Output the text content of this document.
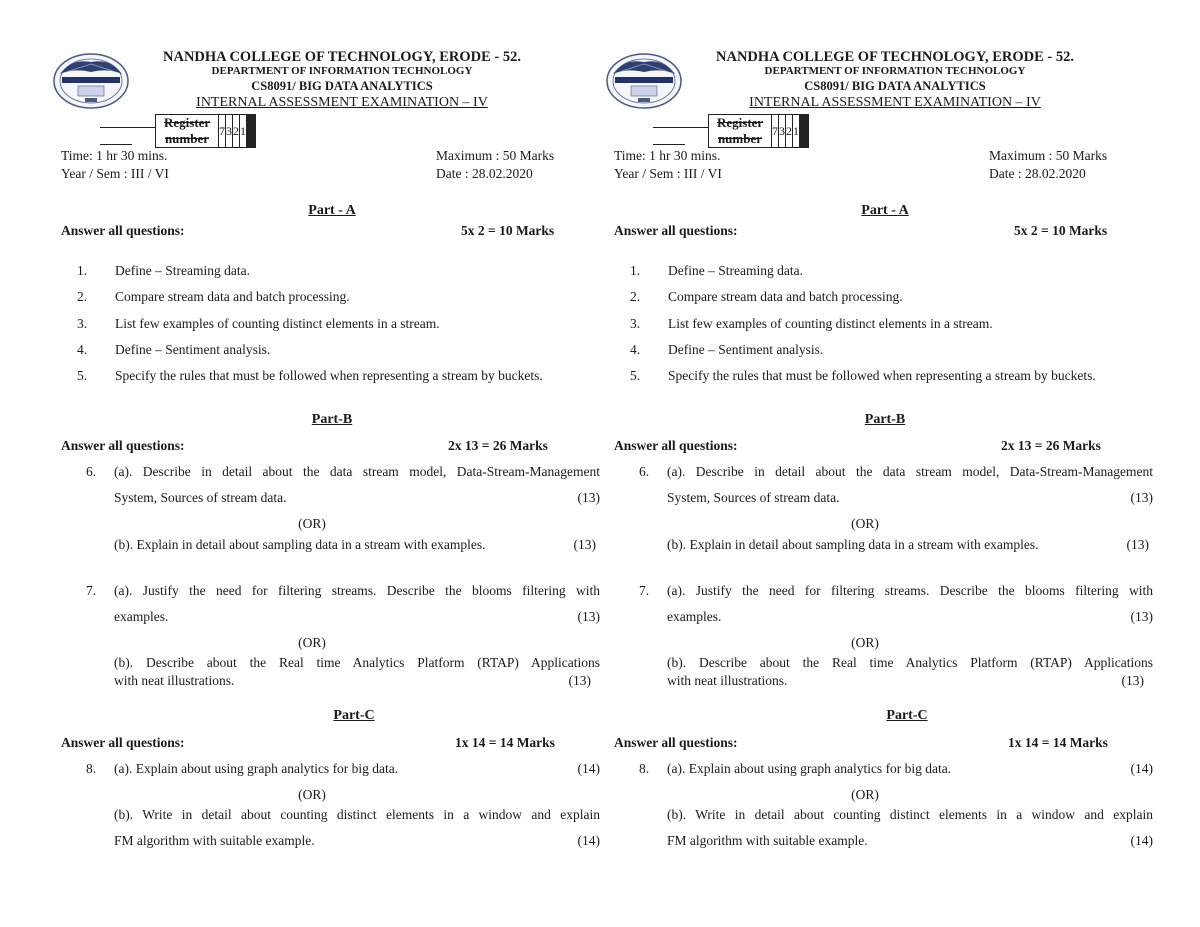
NANDHA COLLEGE OF TECHNOLOGY, ERODE - 52.
DEPARTMENT OF INFORMATION TECHNOLOGY
CS8091/ BIG DATA ANALYTICS
INTERNAL ASSESSMENT EXAMINATION – IV
Register number	7	3	2	1									
Time: 1 hr 30 mins.
Year / Sem : III / VI
Maximum : 50 Marks
Date : 28.02.2020
Part - A
Answer all questions:	5x 2 = 10 Marks
1. Define – Streaming data.
2. Compare stream data and batch processing.
3. List few examples of counting distinct elements in a stream.
4. Define – Sentiment analysis.
5. Specify the rules that must be followed when representing a stream by buckets.
Part-B
Answer all questions:	2x 13 = 26 Marks
6. (a). Describe in detail about the data stream model, Data-Stream-Management
System, Sources of stream data.	(13)
(OR)
(b). Explain in detail about sampling data in a stream with examples.	(13)
7. (a). Justify the need for filtering streams. Describe the blooms filtering with
examples.	(13)
(OR)
(b). Describe about the Real time Analytics Platform (RTAP) Applications
with neat illustrations.	(13)
Part-C
Answer all questions:	1x 14 = 14 Marks
8. (a). Explain about using graph analytics for big data.	(14)
(OR)
(b). Write in detail about counting distinct elements in a window and explain
FM algorithm with suitable example.	(14)
NANDHA COLLEGE OF TECHNOLOGY, ERODE - 52.
DEPARTMENT OF INFORMATION TECHNOLOGY
CS8091/ BIG DATA ANALYTICS
INTERNAL ASSESSMENT EXAMINATION – IV
Register number	7	3	2	1									
Time: 1 hr 30 mins.
Year / Sem : III / VI
Maximum : 50 Marks
Date : 28.02.2020
Part - A
Answer all questions:	5x 2 = 10 Marks
1. Define – Streaming data.
2. Compare stream data and batch processing.
3. List few examples of counting distinct elements in a stream.
4. Define – Sentiment analysis.
5. Specify the rules that must be followed when representing a stream by buckets.
Part-B
Answer all questions:	2x 13 = 26 Marks
6. (a). Describe in detail about the data stream model, Data-Stream-Management
System, Sources of stream data.	(13)
(OR)
(b). Explain in detail about sampling data in a stream with examples.	(13)
7. (a). Justify the need for filtering streams. Describe the blooms filtering with
examples.	(13)
(OR)
(b). Describe about the Real time Analytics Platform (RTAP) Applications
with neat illustrations.	(13)
Part-C
Answer all questions:	1x 14 = 14 Marks
8. (a). Explain about using graph analytics for big data.	(14)
(OR)
(b). Write in detail about counting distinct elements in a window and explain
FM algorithm with suitable example.	(14)
